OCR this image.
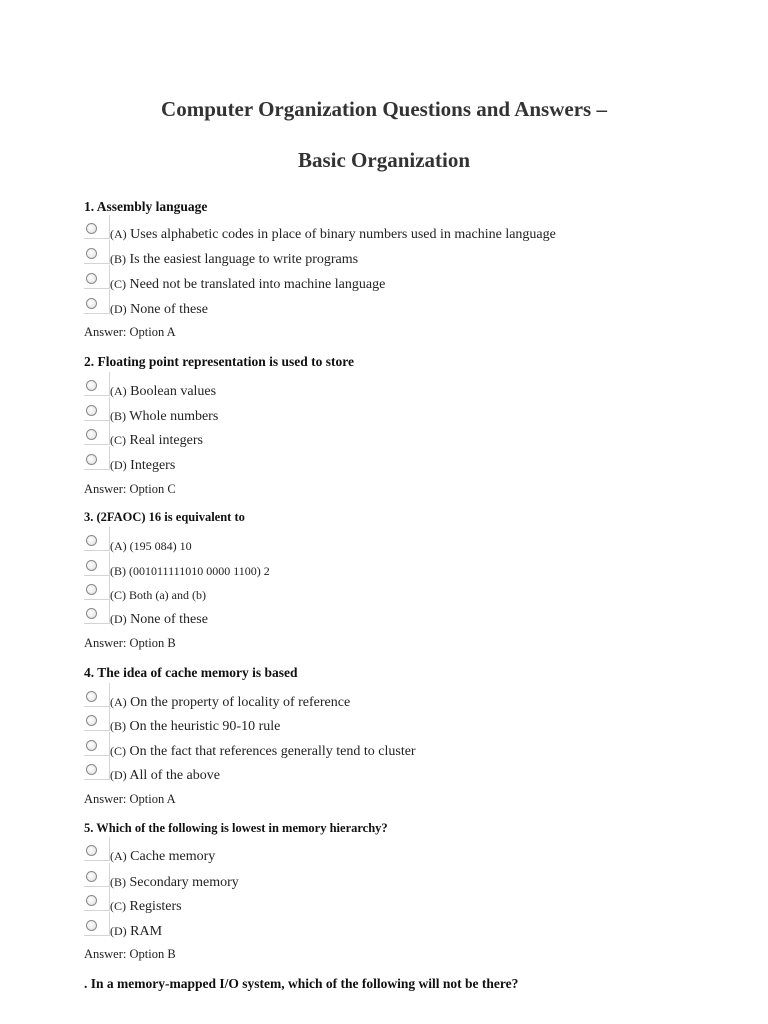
Computer Organization Questions and Answers –
Basic Organization
1. Assembly language
(A) Uses alphabetic codes in place of binary numbers used in machine language
(B) Is the easiest language to write programs
(C) Need not be translated into machine language
(D) None of these
Answer: Option A
2. Floating point representation is used to store
(A) Boolean values
(B) Whole numbers
(C) Real integers
(D) Integers
Answer: Option C
3. (2FAOC) 16 is equivalent to
(A) (195 084) 10
(B) (001011111010 0000 1100) 2
(C) Both (a) and (b)
(D) None of these
Answer: Option B
4. The idea of cache memory is based
(A) On the property of locality of reference
(B) On the heuristic 90-10 rule
(C) On the fact that references generally tend to cluster
(D) All of the above
Answer: Option A
5. Which of the following is lowest in memory hierarchy?
(A) Cache memory
(B) Secondary memory
(C) Registers
(D) RAM
Answer: Option B
. In a memory-mapped I/O system, which of the following will not be there?
